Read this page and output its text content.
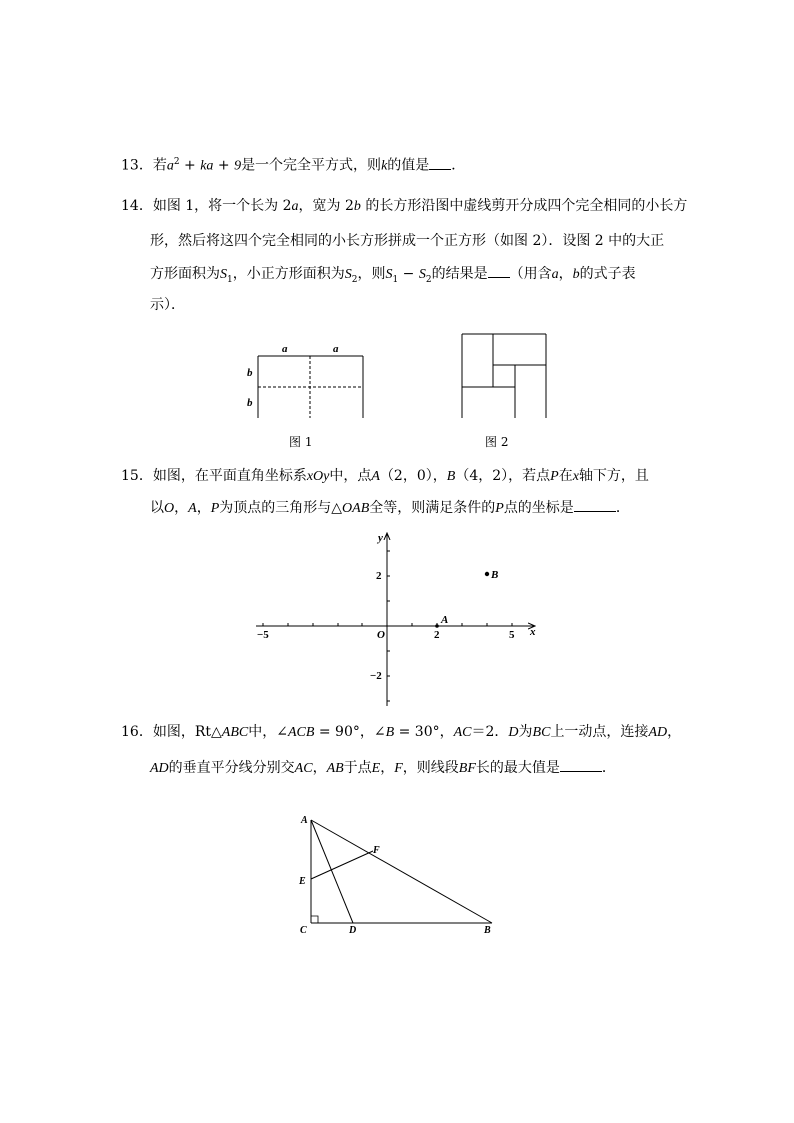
13．若$a^2$ + ka + 9是一个完全平方式，则k的值是 ．
14．如图 1，将一个长为 2a，宽为 2b 的长方形沿图中虚线剪开分成四个完全相同的小长方
形，然后将这四个完全相同的小长方形拼成一个正方形（如图 2）．设图 2 中的大正
方形面积为$S_1$，小正方形面积为$S_2$，则$S_1 - S_2$的结果是 （用含a，b的式子表
示）．
a	a
b
b
图 1	图 2
15．如图，在平面直角坐标系xOy中，点A（2，0），B（4，2），若点P在x轴下方，且
以O，A，P为顶点的三角形与△OAB全等，则满足条件的P点的坐标是	．
y
x
O
−5	2	5
2
−2
A
B
16．如图，Rt△ABC中，∠ACB = 90°，∠B = 30°，AC＝2．D为BC上一动点，连接AD，
AD的垂直平分线分别交AC，AB于点E，F，则线段BF长的最大值是	．
A
B
C	D
E
F
